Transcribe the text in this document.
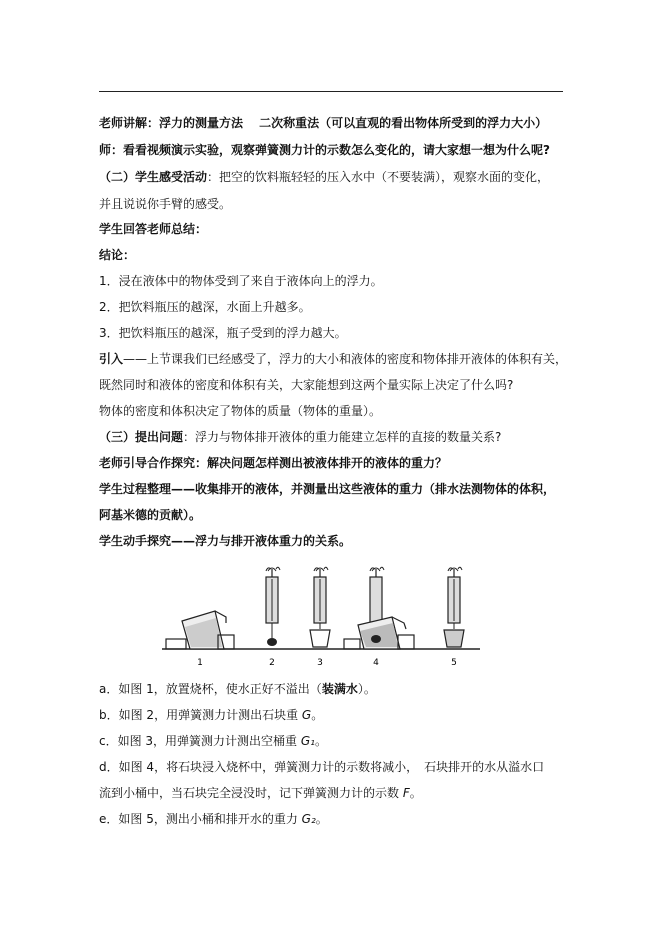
老师讲解：浮力的测量方法　 二次称重法（可以直观的看出物体所受到的浮力大小）
师：看看视频演示实验，观察弹簧测力计的示数怎么变化的，请大家想一想为什么呢?
（二）学生感受活动：把空的饮料瓶轻轻的压入水中（不要装满），观察水面的变化，
并且说说你手臂的感受。
学生回答老师总结：
结论：
1．浸在液体中的物体受到了来自于液体向上的浮力。
2．把饮料瓶压的越深，水面上升越多。
3．把饮料瓶压的越深，瓶子受到的浮力越大。
引入——上节课我们已经感受了，浮力的大小和液体的密度和物体排开液体的体积有关，
既然同时和液体的密度和体积有关，大家能想到这两个量实际上决定了什么吗?
物体的密度和体积决定了物体的质量（物体的重量）。
（三）提出问题：浮力与物体排开液体的重力能建立怎样的直接的数量关系?
老师引导合作探究：解决问题怎样测出被液体排开的液体的重力？
学生过程整理——收集排开的液体，并测量出这些液体的重力（排水法测物体的体积，
阿基米德的贡献）。
学生动手探究——浮力与排开液体重力的关系。
1	2	3	4	5
a．如图 1，放置烧杯，使水正好不溢出（装满水）。
b．如图 2，用弹簧测力计测出石块重 G。
c．如图 3，用弹簧测力计测出空桶重 G₁。
d．如图 4，将石块浸入烧杯中，弹簧测力计的示数将减小，　石块排开的水从溢水口
流到小桶中，当石块完全浸没时，记下弹簧测力计的示数 F。
e．如图 5，测出小桶和排开水的重力 G₂。
